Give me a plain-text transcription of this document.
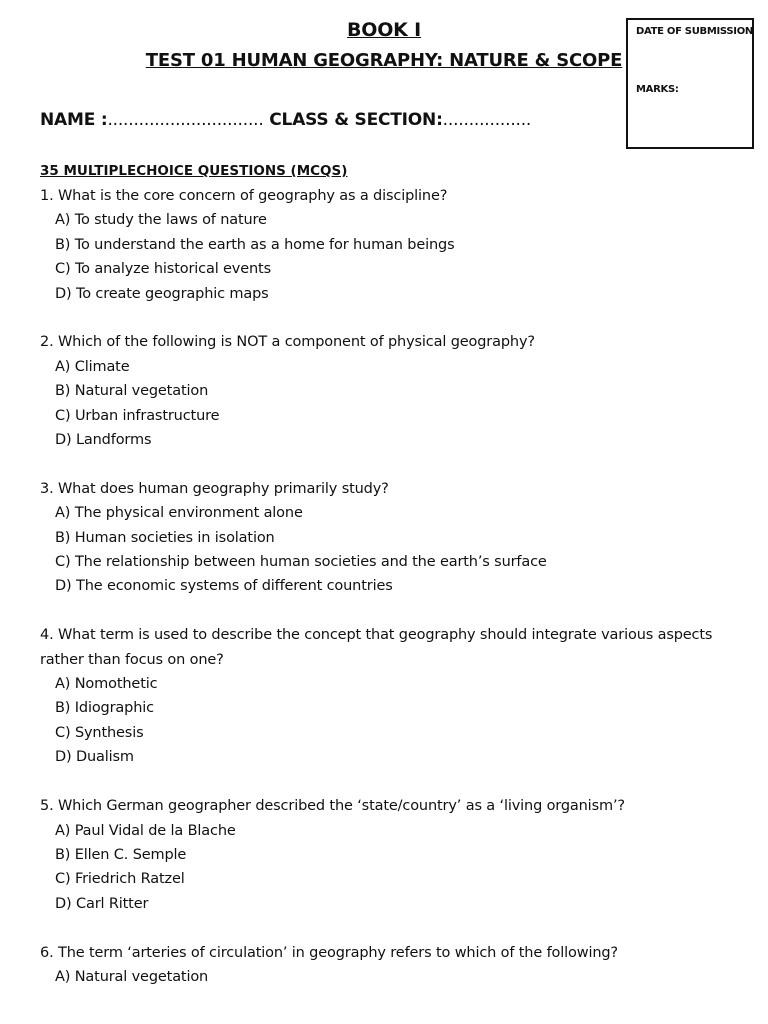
BOOK I
TEST 01 HUMAN GEOGRAPHY: NATURE & SCOPE
DATE OF SUBMISSION
MARKS:
NAME :.............................. CLASS & SECTION:.................
35 MULTIPLECHOICE QUESTIONS (MCQS)
1. What is the core concern of geography as a discipline?
A) To study the laws of nature
B) To understand the earth as a home for human beings
C) To analyze historical events
D) To create geographic maps
2. Which of the following is NOT a component of physical geography?
A) Climate
B) Natural vegetation
C) Urban infrastructure
D) Landforms
3. What does human geography primarily study?
A) The physical environment alone
B) Human societies in isolation
C) The relationship between human societies and the earth’s surface
D) The economic systems of different countries
4. What term is used to describe the concept that geography should integrate various aspects rather than focus on one?
A) Nomothetic
B) Idiographic
C) Synthesis
D) Dualism
5. Which German geographer described the ‘state/country’ as a ‘living organism’?
A) Paul Vidal de la Blache
B) Ellen C. Semple
C) Friedrich Ratzel
D) Carl Ritter
6. The term ‘arteries of circulation’ in geography refers to which of the following?
A) Natural vegetation
